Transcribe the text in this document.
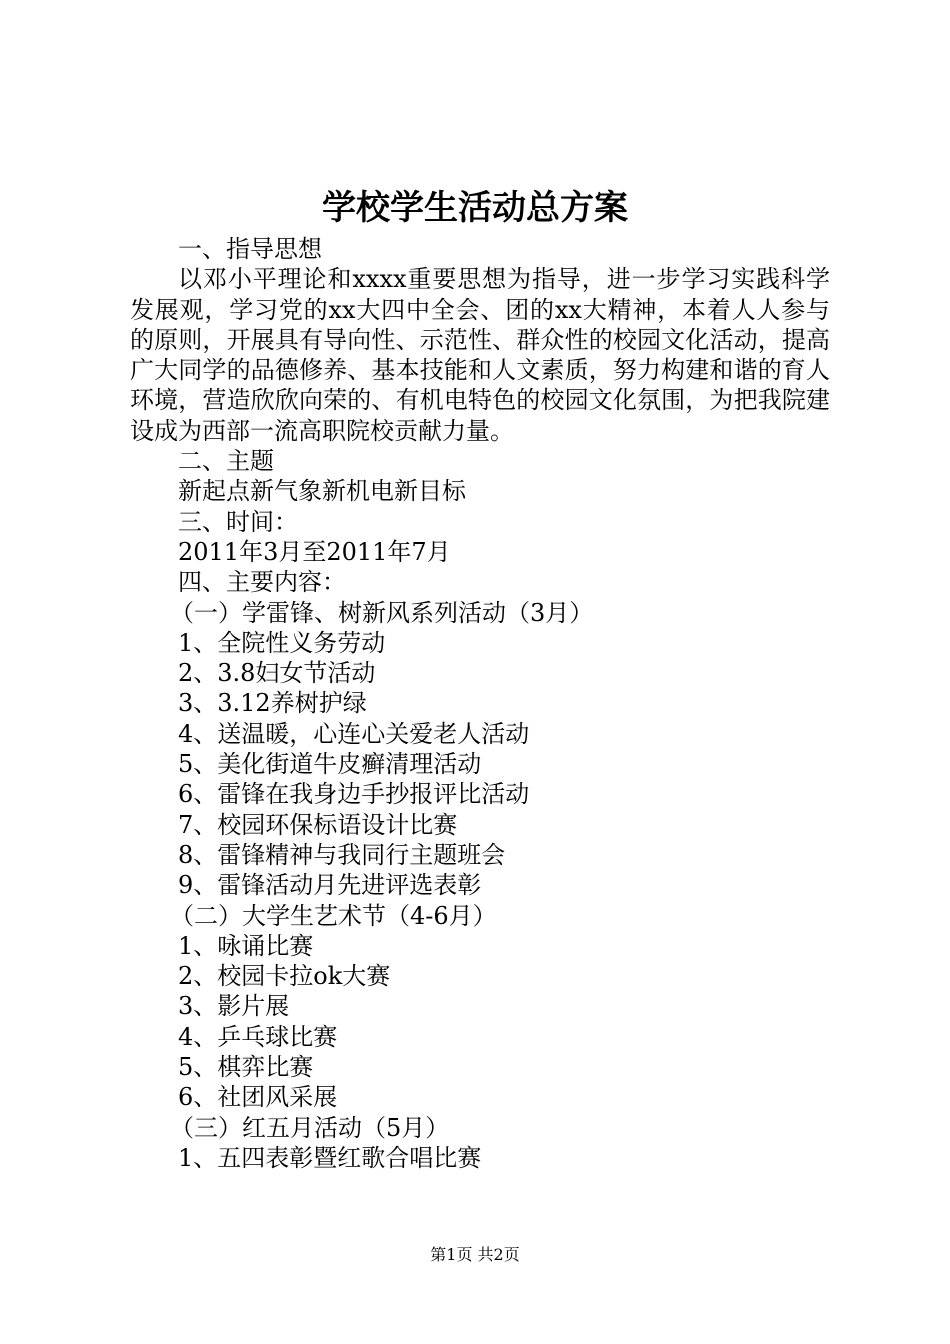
学校学生活动总方案
一、指导思想
以邓小平理论和xxxx重要思想为指导，进一步学习实践科学发展观，学习党的xx大四中全会、团的xx大精神，本着人人参与的原则，开展具有导向性、示范性、群众性的校园文化活动，提高广大同学的品德修养、基本技能和人文素质，努力构建和谐的育人环境，营造欣欣向荣的、有机电特色的校园文化氛围，为把我院建设成为西部一流高职院校贡献力量。
二、主题
新起点新气象新机电新目标
三、时间：
2011年3月至2011年7月
四、主要内容：
（一）学雷锋、树新风系列活动（3月）
1、全院性义务劳动
2、3.8妇女节活动
3、3.12养树护绿
4、送温暖，心连心关爱老人活动
5、美化街道牛皮癣清理活动
6、雷锋在我身边手抄报评比活动
7、校园环保标语设计比赛
8、雷锋精神与我同行主题班会
9、雷锋活动月先进评选表彰
（二）大学生艺术节（4-6月）
1、咏诵比赛
2、校园卡拉ok大赛
3、影片展
4、乒乓球比赛
5、棋弈比赛
6、社团风采展
（三）红五月活动（5月）
1、五四表彰暨红歌合唱比赛
第1页 共2页
